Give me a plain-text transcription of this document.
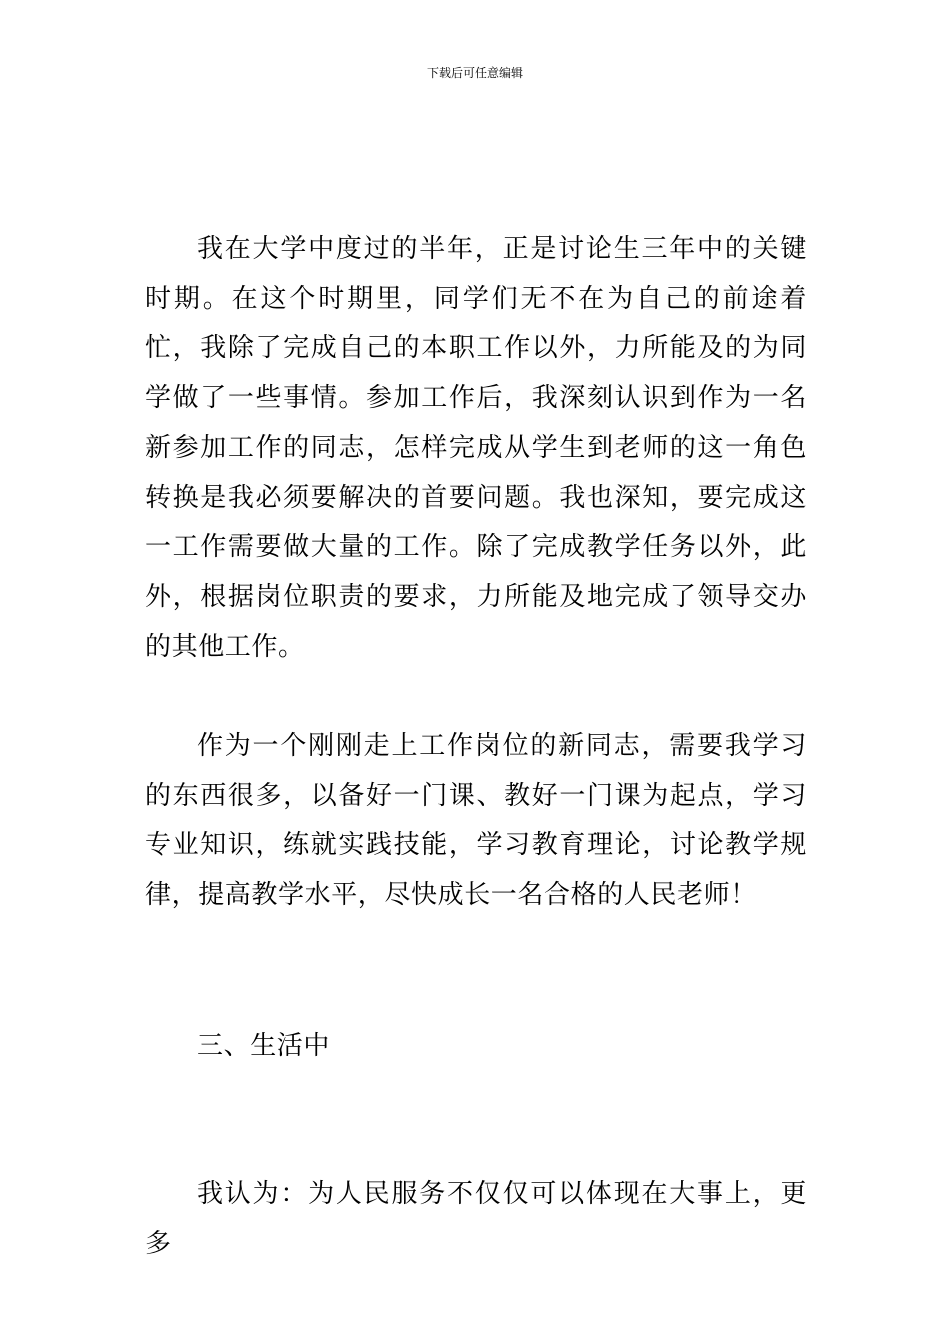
下载后可任意编辑

我在大学中度过的半年，正是讨论生三年中的关键时期。在这个时期里，同学们无不在为自己的前途着忙，我除了完成自己的本职工作以外，力所能及的为同学做了一些事情。参加工作后，我深刻认识到作为一名新参加工作的同志，怎样完成从学生到老师的这一角色转换是我必须要解决的首要问题。我也深知，要完成这一工作需要做大量的工作。除了完成教学任务以外，此外，根据岗位职责的要求，力所能及地完成了领导交办的其他工作。

作为一个刚刚走上工作岗位的新同志，需要我学习的东西很多，以备好一门课、教好一门课为起点，学习专业知识，练就实践技能，学习教育理论，讨论教学规律，提高教学水平，尽快成长一名合格的人民老师！

三、生活中

我认为：为人民服务不仅仅可以体现在大事上，更多
